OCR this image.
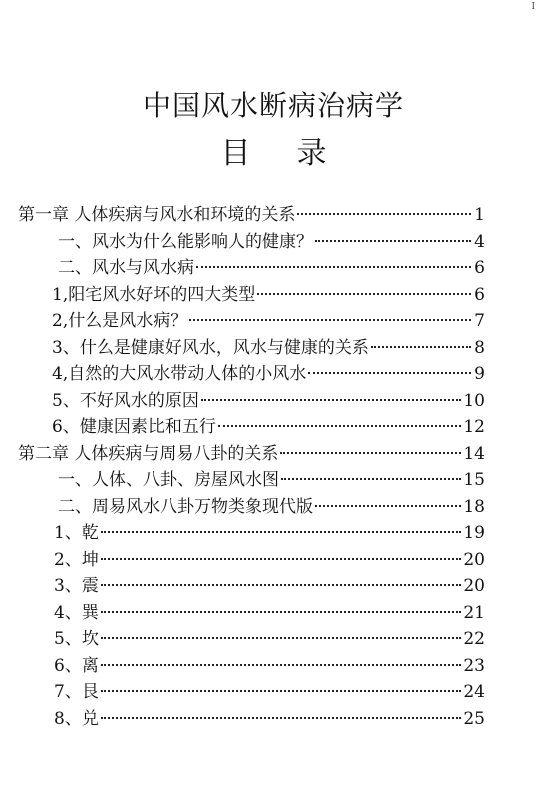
I
中国风水断病治病学
目 录
第一章 人体疾病与风水和环境的关系	1
一、风水为什么能影响人的健康？	4
二、风水与风水病	6
1,阳宅风水好坏的四大类型	6
2,什么是风水病？	7
3、什么是健康好风水，风水与健康的关系	8
4,自然的大风水带动人体的小风水	9
5、不好风水的原因	10
6、健康因素比和五行	12
第二章 人体疾病与周易八卦的关系	14
一、人体、八卦、房屋风水图	15
二、周易风水八卦万物类象现代版	18
1、乾	19
2、坤	20
3、震	20
4、巽	21
5、坎	22
6、离	23
7、艮	24
8、兑	25
